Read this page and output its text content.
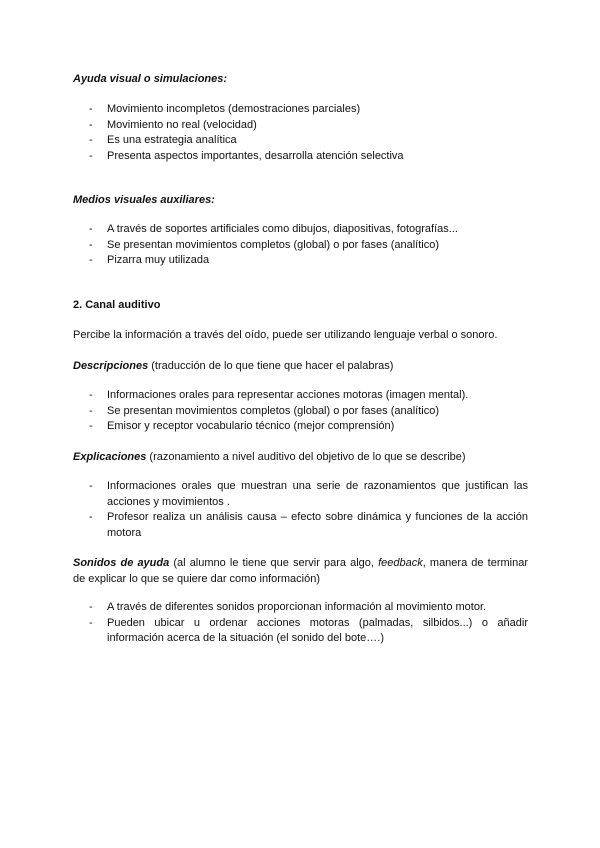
Ayuda visual o simulaciones:
- Movimiento incompletos (demostraciones parciales)
- Movimiento no real (velocidad)
- Es una estrategia analítica
- Presenta aspectos importantes, desarrolla atención selectiva
Medios visuales auxiliares:
- A través de soportes artificiales como dibujos, diapositivas, fotografías...
- Se presentan movimientos completos (global) o por fases (analítico)
- Pizarra muy utilizada
2. Canal auditivo
Percibe la información a través del oído, puede ser utilizando lenguaje verbal o sonoro.
Descripciones (traducción de lo que tiene que hacer el palabras)
- Informaciones orales para representar acciones motoras (imagen mental).
- Se presentan movimientos completos (global) o por fases (analítico)
- Emisor y receptor vocabulario técnico (mejor comprensión)
Explicaciones (razonamiento a nivel auditivo del objetivo de lo que se describe)
- Informaciones orales que muestran una serie de razonamientos que justifican las acciones y movimientos .
- Profesor realiza un análisis causa – efecto sobre dinámica y funciones de la acción motora
Sonidos de ayuda (al alumno le tiene que servir para algo, feedback, manera de terminar de explicar lo que se quiere dar como información)
- A través de diferentes sonidos proporcionan información al movimiento motor.
- Pueden ubicar u ordenar acciones motoras (palmadas, silbidos...) o añadir información acerca de la situación (el sonido del bote….)
